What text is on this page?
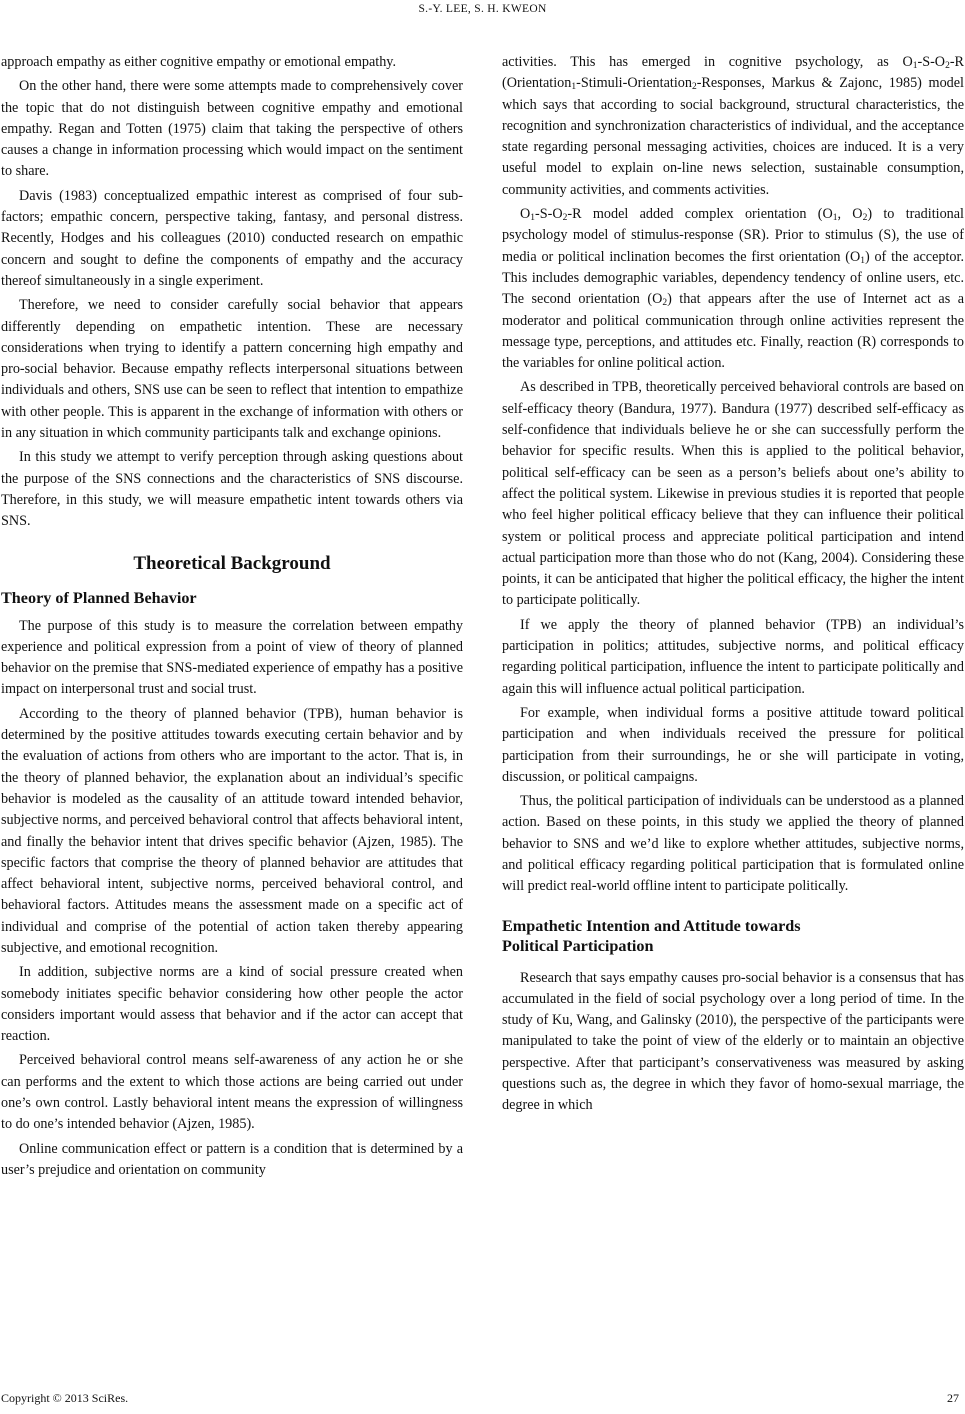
S.-Y. LEE, S. H. KWEON

approach empathy as either cognitive empathy or emotional empathy.

On the other hand, there were some attempts made to comprehensively cover the topic that do not distinguish between cognitive empathy and emotional empathy. Regan and Totten (1975) claim that taking the perspective of others causes a change in information processing which would impact on the sentiment to share.

Davis (1983) conceptualized empathic interest as comprised of four sub-factors; empathic concern, perspective taking, fantasy, and personal distress. Recently, Hodges and his colleagues (2010) conducted research on empathic concern and sought to define the components of empathy and the accuracy thereof simultaneously in a single experiment.

Therefore, we need to consider carefully social behavior that appears differently depending on empathetic intention. These are necessary considerations when trying to identify a pattern concerning high empathy and pro-social behavior. Because empathy reflects interpersonal situations between individuals and others, SNS use can be seen to reflect that intention to empathize with other people. This is apparent in the exchange of information with others or in any situation in which community participants talk and exchange opinions.

In this study we attempt to verify perception through asking questions about the purpose of the SNS connections and the characteristics of SNS discourse. Therefore, in this study, we will measure empathetic intent towards others via SNS.

Theoretical Background
Theory of Planned Behavior

The purpose of this study is to measure the correlation between empathy experience and political expression from a point of view of theory of planned behavior on the premise that SNS-mediated experience of empathy has a positive impact on interpersonal trust and social trust.

According to the theory of planned behavior (TPB), human behavior is determined by the positive attitudes towards executing certain behavior and by the evaluation of actions from others who are important to the actor. That is, in the theory of planned behavior, the explanation about an individual’s specific behavior is modeled as the causality of an attitude toward intended behavior, subjective norms, and perceived behavioral control that affects behavioral intent, and finally the behavior intent that drives specific behavior (Ajzen, 1985). The specific factors that comprise the theory of planned behavior are attitudes that affect behavioral intent, subjective norms, perceived behavioral control, and behavioral factors. Attitudes means the assessment made on a specific act of individual and comprise of the potential of action taken thereby appearing subjective, and emotional recognition.

In addition, subjective norms are a kind of social pressure created when somebody initiates specific behavior considering how other people the actor considers important would assess that behavior and if the actor can accept that reaction.

Perceived behavioral control means self-awareness of any action he or she can performs and the extent to which those actions are being carried out under one’s own control. Lastly behavioral intent means the expression of willingness to do one’s intended behavior (Ajzen, 1985).

Online communication effect or pattern is a condition that is determined by a user’s prejudice and orientation on community

activities. This has emerged in cognitive psychology, as $O_1-S-O_2-R$ (Orientation$_1$-Stimuli-Orientation$_2$-Responses, Markus & Zajonc, 1985) model which says that according to social background, structural characteristics, the recognition and synchronization characteristics of individual, and the acceptance state regarding personal messaging activities, choices are induced. It is a very useful model to explain on-line news selection, sustainable consumption, community activities, and comments activities.

$O_1-S-O_2-R$ model added complex orientation ($O_1$, $O_2$) to traditional psychology model of stimulus-response (SR). Prior to stimulus (S), the use of media or political inclination becomes the first orientation $(O_1)$ of the acceptor. This includes demographic variables, dependency tendency of online users, etc. The second orientation $(O_2)$ that appears after the use of Internet act as a moderator and political communication through online activities represent the message type, perceptions, and attitudes etc. Finally, reaction (R) corresponds to the variables for online political action.

As described in TPB, theoretically perceived behavioral controls are based on self-efficacy theory (Bandura, 1977). Bandura (1977) described self-efficacy as self-confidence that individuals believe he or she can successfully perform the behavior for specific results. When this is applied to the political behavior, political self-efficacy can be seen as a person’s beliefs about one’s ability to affect the political system. Likewise in previous studies it is reported that people who feel higher political efficacy believe that they can influence their political system or political process and appreciate political participation and intend actual participation more than those who do not (Kang, 2004). Considering these points, it can be anticipated that higher the political efficacy, the higher the intent to participate politically.

If we apply the theory of planned behavior (TPB) an individual’s participation in politics; attitudes, subjective norms, and political efficacy regarding political participation, influence the intent to participate politically and again this will influence actual political participation.

For example, when individual forms a positive attitude toward political participation and when individuals received the pressure for political participation from their surroundings, he or she will participate in voting, discussion, or political campaigns.

Thus, the political participation of individuals can be understood as a planned action. Based on these points, in this study we applied the theory of planned behavior to SNS and we’d like to explore whether attitudes, subjective norms, and political efficacy regarding political participation that is formulated online will predict real-world offline intent to participate politically.

Empathetic Intention and Attitude towards
Political Participation

Research that says empathy causes pro-social behavior is a consensus that has accumulated in the field of social psychology over a long period of time. In the study of Ku, Wang, and Galinsky (2010), the perspective of the participants were manipulated to take the point of view of the elderly or to maintain an objective perspective. After that participant’s conservativeness was measured by asking questions such as, the degree in which they favor of homo-sexual marriage, the degree in which

Copyright © 2013 SciRes.	27
